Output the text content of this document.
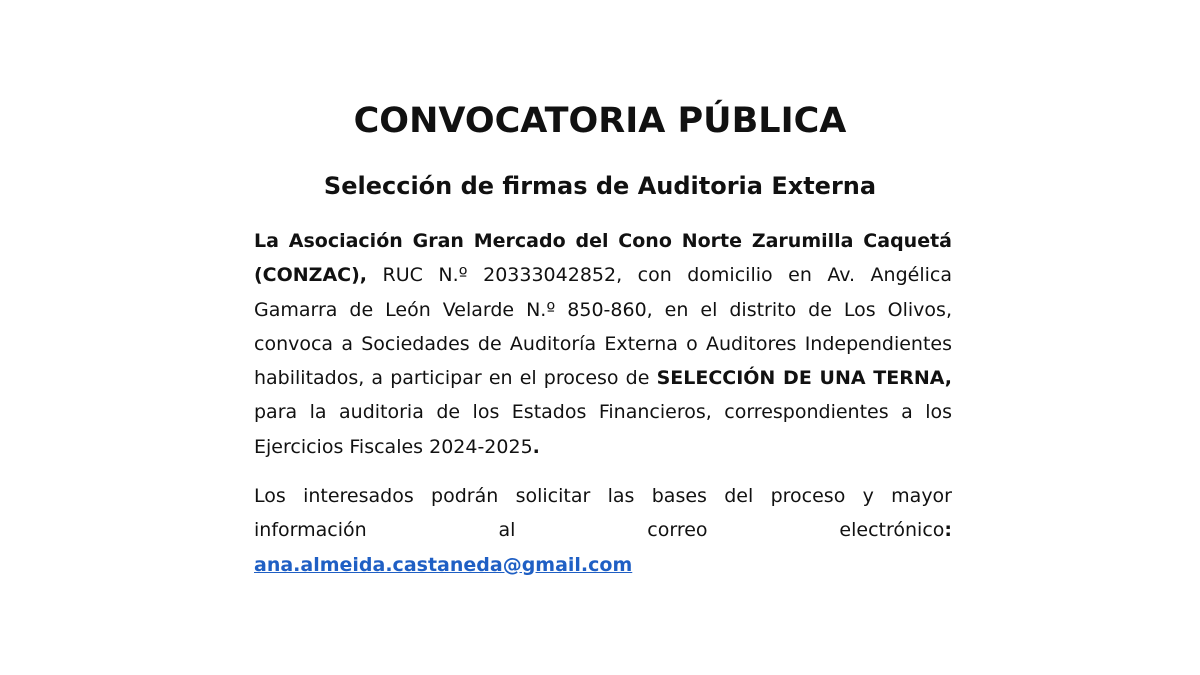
CONVOCATORIA PÚBLICA
Selección de firmas de Auditoria Externa

La Asociación Gran Mercado del Cono Norte Zarumilla Caquetá (CONZAC), RUC N.º 20333042852, con domicilio en Av. Angélica Gamarra de León Velarde N.º 850-860, en el distrito de Los Olivos, convoca a Sociedades de Auditoría Externa o Auditores Independientes habilitados, a participar en el proceso de SELECCIÓN DE UNA TERNA, para la auditoria de los Estados Financieros, correspondientes a los Ejercicios Fiscales 2024-2025.

Los interesados podrán solicitar las bases del proceso y mayor información al correo electrónico: ana.almeida.castaneda@gmail.com
